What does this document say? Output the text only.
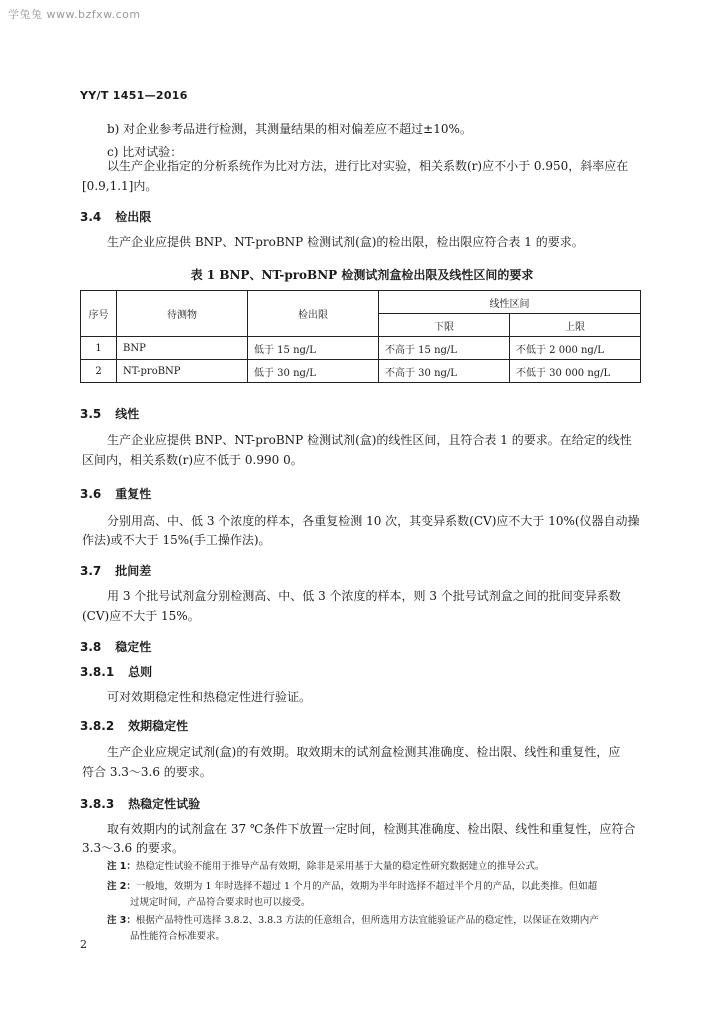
学兔兔 www.bzfxw.com
YY/T 1451—2016
b) 对企业参考品进行检测，其测量结果的相对偏差应不超过±10%。
c) 比对试验：
以生产企业指定的分析系统作为比对方法，进行比对实验，相关系数(r)应不小于 0.950，斜率应在
[0.9,1.1]内。
3.4 检出限
生产企业应提供 BNP、NT-proBNP 检测试剂(盒)的检出限，检出限应符合表 1 的要求。
表 1 BNP、NT-proBNP 检测试剂盒检出限及线性区间的要求
序号	待测物	检出限	线性区间	
			下限	上限
1	BNP	低于 15 ng/L	不高于 15 ng/L	不低于 2 000 ng/L
2	NT-proBNP	低于 30 ng/L	不高于 30 ng/L	不低于 30 000 ng/L
3.5 线性
生产企业应提供 BNP、NT-proBNP 检测试剂(盒)的线性区间，且符合表 1 的要求。在给定的线性
区间内，相关系数(r)应不低于 0.990 0。
3.6 重复性
分别用高、中、低 3 个浓度的样本，各重复检测 10 次，其变异系数(CV)应不大于 10%(仪器自动操
作法)或不大于 15%(手工操作法)。
3.7 批间差
用 3 个批号试剂盒分别检测高、中、低 3 个浓度的样本，则 3 个批号试剂盒之间的批间变异系数
(CV)应不大于 15%。
3.8 稳定性
3.8.1 总则
可对效期稳定性和热稳定性进行验证。
3.8.2 效期稳定性
生产企业应规定试剂(盒)的有效期。取效期末的试剂盒检测其准确度、检出限、线性和重复性，应
符合 3.3～3.6 的要求。
3.8.3 热稳定性试验
取有效期内的试剂盒在 37 ℃条件下放置一定时间，检测其准确度、检出限、线性和重复性，应符合
3.3～3.6 的要求。
注 1：热稳定性试验不能用于推导产品有效期，除非是采用基于大量的稳定性研究数据建立的推导公式。
注 2：一般地，效期为 1 年时选择不超过 1 个月的产品，效期为半年时选择不超过半个月的产品，以此类推。但如超
过规定时间，产品符合要求时也可以接受。
注 3：根据产品特性可选择 3.8.2、3.8.3 方法的任意组合，但所选用方法宜能验证产品的稳定性，以保证在效期内产
品性能符合标准要求。
2
